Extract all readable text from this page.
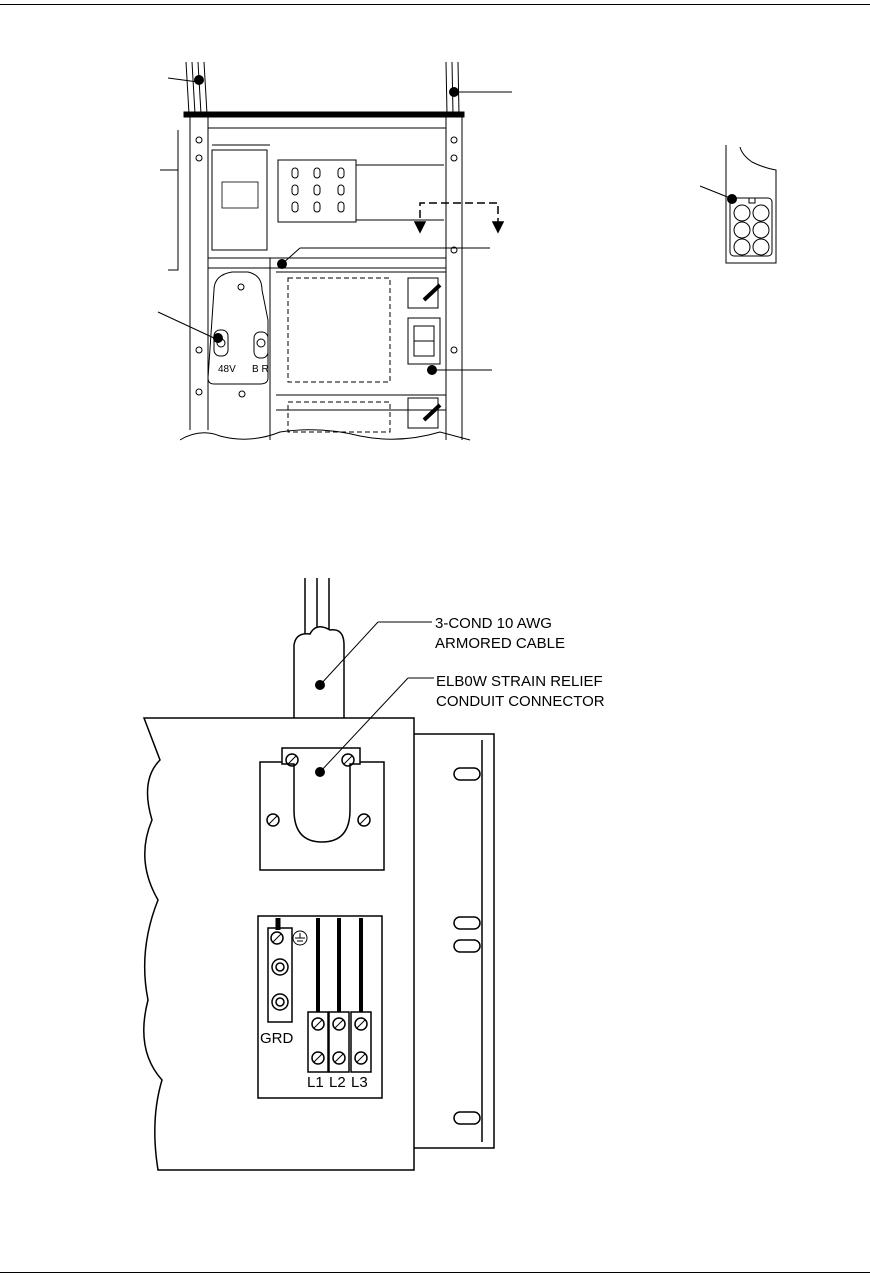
48V B R
3-COND 10 AWG
ARMORED CABLE
ELB0W STRAIN RELIEF
CONDUIT CONNECTOR
GRD
L1 L2 L3
